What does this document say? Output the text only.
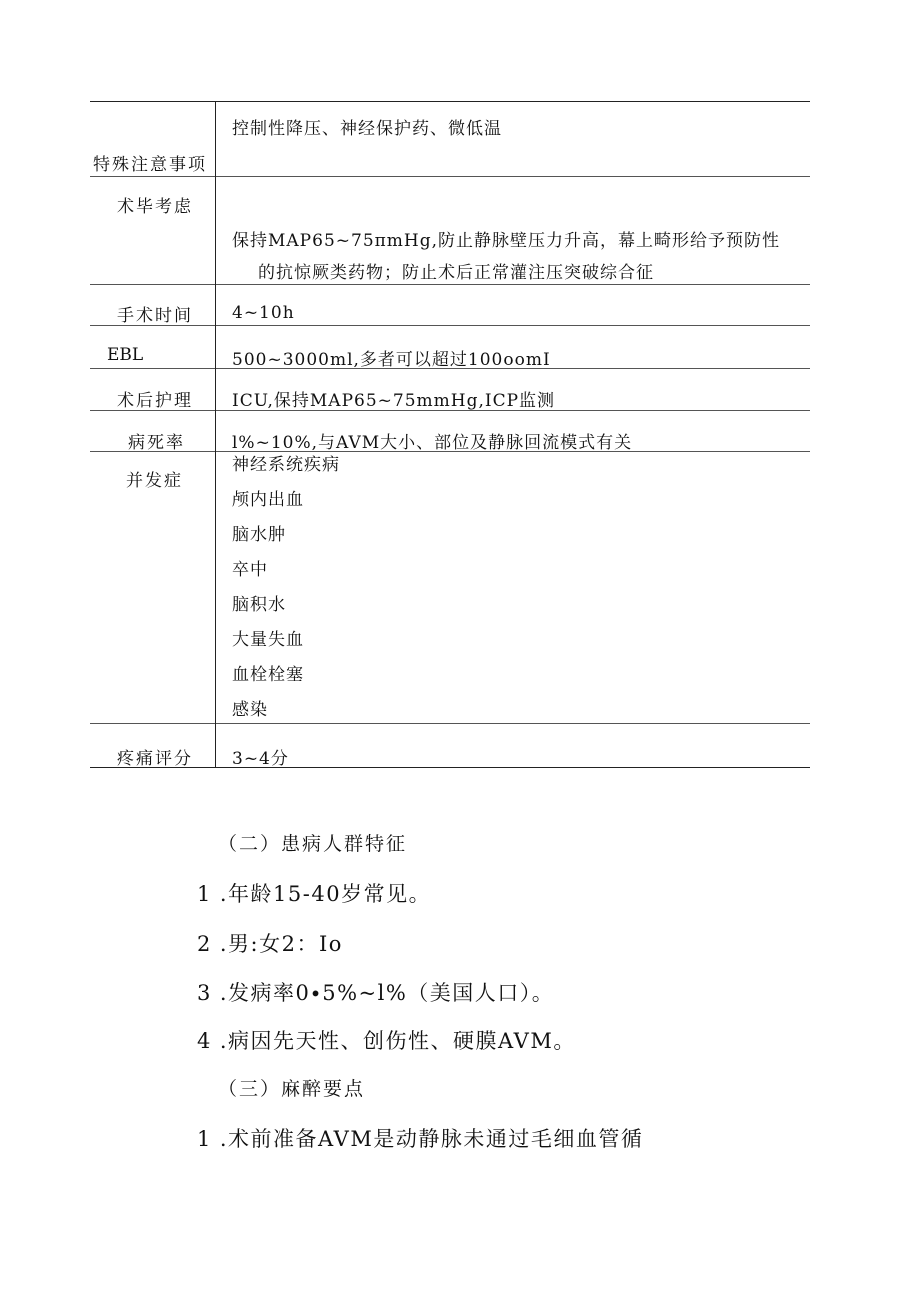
特殊注意事项
控制性降压、神经保护药、微低温
术毕考虑
保持MAP65~75πmHg,防止静脉壁压力升高，幕上畸形给予预防性
的抗惊厥类药物；防止术后正常灌注压突破综合征
手术时间 4~10h
EBL	500~3000ml,多者可以超过100oomI
术后护理 ICU,保持MAP65~75mmHg,ICP监测
病死率	l%~10%,与AVM大小、部位及静脉回流模式有关
并发症
神经系统疾病
颅内出血
脑水肿
卒中
脑积水
大量失血
血栓栓塞
感染
疼痛评分 3~4分
（二）患病人群特征
1 .年龄15-40岁常见。
2 .男:女2：Io
3 .发病率0∙5%~l%（美国人口）。
4 .病因先天性、创伤性、硬膜AVM。
（三）麻醉要点
1 .术前准备AVM是动静脉未通过毛细血管循
